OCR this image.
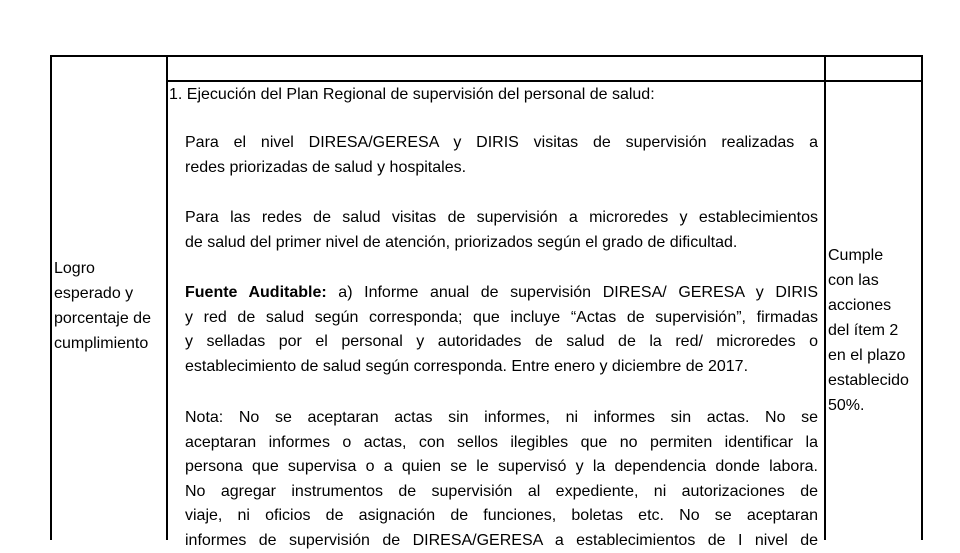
Logro
esperado y
porcentaje de
cumplimiento
1. Ejecución del Plan Regional de supervisión del personal de salud:
Para el nivel DIRESA/GERESA y DIRIS visitas de supervisión realizadas a
redes priorizadas de salud y hospitales.
Para las redes de salud visitas de supervisión a microredes y establecimientos
de salud del primer nivel de atención, priorizados según el grado de dificultad.
Fuente Auditable: a) Informe anual de supervisión DIRESA/ GERESA y DIRIS
y red de salud según corresponda; que incluye “Actas de supervisión”, firmadas
y selladas por el personal y autoridades de salud de la red/ microredes o
establecimiento de salud según corresponda. Entre enero y diciembre de 2017.
Nota: No se aceptaran actas sin informes, ni informes sin actas. No se
aceptaran informes o actas, con sellos ilegibles que no permiten identificar la
persona que supervisa o a quien se le supervisó y la dependencia donde labora.
No agregar instrumentos de supervisión al expediente, ni autorizaciones de
viaje, ni oficios de asignación de funciones, boletas etc. No se aceptaran
informes de supervisión de DIRESA/GERESA a establecimientos de I nivel de
Cumple
con las
acciones
del ítem 2
en el plazo
establecido
50%.
